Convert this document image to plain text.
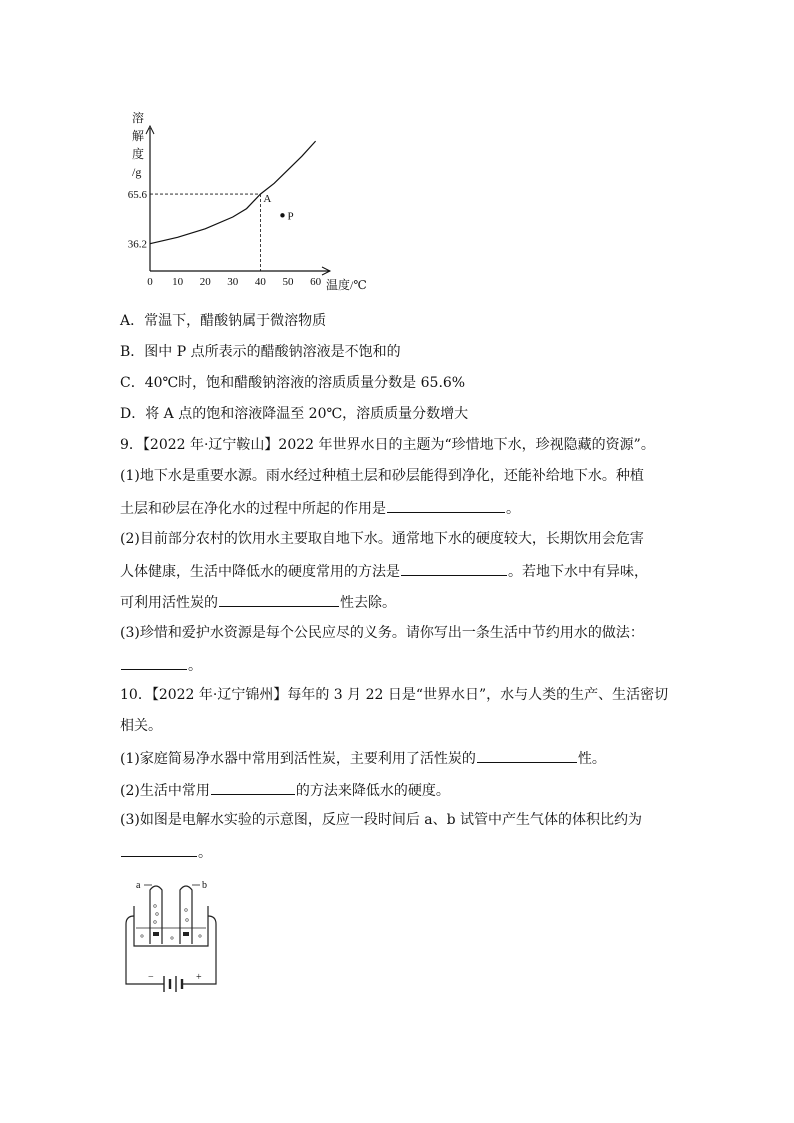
溶
解
度
/g
0 10 20 30 40 50 60
36.2
65.6	A
P
温度/℃
A．常温下，醋酸钠属于微溶物质
B．图中 P 点所表示的醋酸钠溶液是不饱和的
C．40℃时，饱和醋酸钠溶液的溶质质量分数是 65.6%
D．将 A 点的饱和溶液降温至 20℃，溶质质量分数增大
9．【2022 年·辽宁鞍山】2022 年世界水日的主题为“珍惜地下水，珍视隐藏的资源”。
(1)地下水是重要水源。雨水经过种植土层和砂层能得到净化，还能补给地下水。种植
土层和砂层在净化水的过程中所起的作用是	。
(2)目前部分农村的饮用水主要取自地下水。通常地下水的硬度较大，长期饮用会危害
人体健康，生活中降低水的硬度常用的方法是	。若地下水中有异味，
可利用活性炭的	性去除。
(3)珍惜和爱护水资源是每个公民应尽的义务。请你写出一条生活中节约用水的做法：
。
10．【2022 年·辽宁锦州】每年的 3 月 22 日是“世界水日”，水与人类的生产、生活密切
相关。
(1)家庭简易净水器中常用到活性炭，主要利用了活性炭的	性。
(2)生活中常用	的方法来降低水的硬度。
(3)如图是电解水实验的示意图，反应一段时间后 a、b 试管中产生气体的体积比约为
。
a	b
−	+
